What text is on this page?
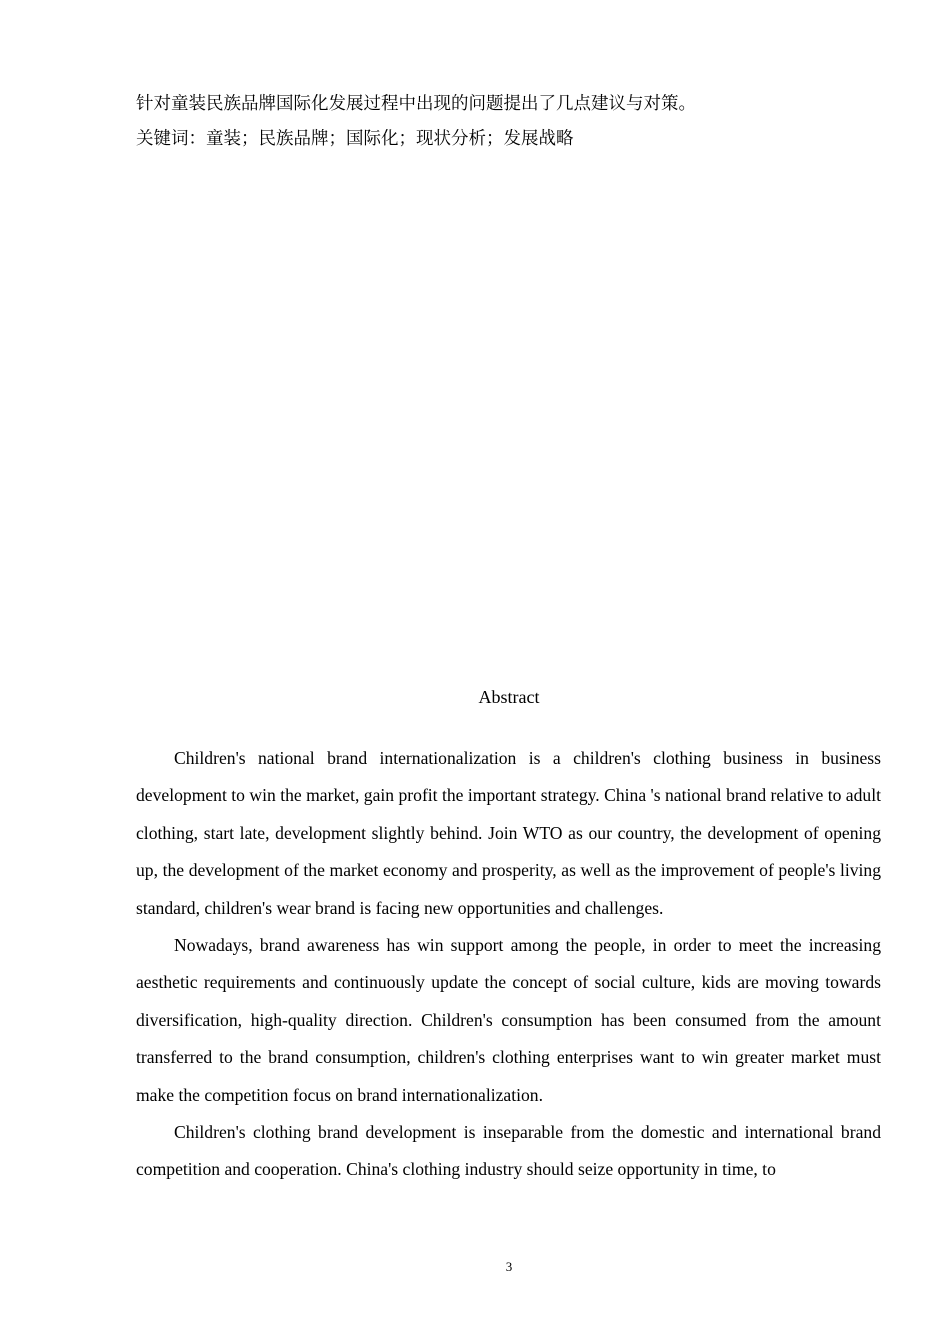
针对童装民族品牌国际化发展过程中出现的问题提出了几点建议与对策。
关键词：童装；民族品牌；国际化；现状分析；发展战略
Abstract

Children's national brand internationalization is a children's clothing business in business development to win the market, gain profit the important strategy. China 's national brand relative to adult clothing, start late, development slightly behind. Join WTO as our country, the development of opening up, the development of the market economy and prosperity, as well as the improvement of people's living standard, children's wear brand is facing new opportunities and challenges.

Nowadays, brand awareness has win support among the people, in order to meet the increasing aesthetic requirements and continuously update the concept of social culture, kids are moving towards diversification, high-quality direction. Children's consumption has been consumed from the amount transferred to the brand consumption, children's clothing enterprises want to win greater market must make the competition focus on brand internationalization.

Children's clothing brand development is inseparable from the domestic and international brand competition and cooperation. China's clothing industry should seize opportunity in time, to

3
